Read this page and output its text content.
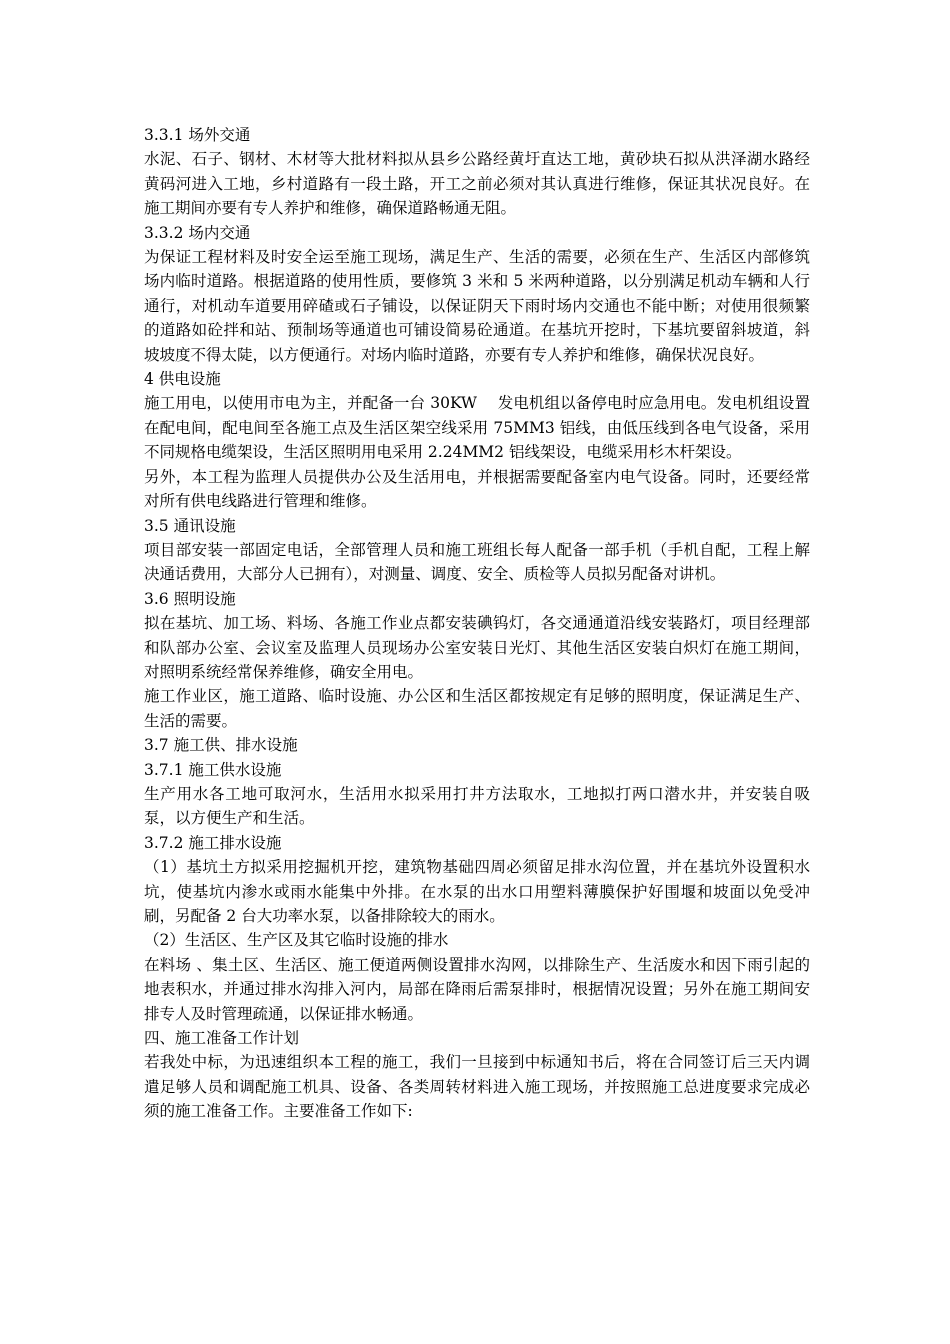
3.3.1 场外交通

水泥、石子、钢材、木材等大批材料拟从县乡公路经黄圩直达工地，黄砂块石拟从洪泽湖水路经黄码河进入工地，乡村道路有一段土路，开工之前必须对其认真进行维修，保证其状况良好。在施工期间亦要有专人养护和维修，确保道路畅通无阻。

3.3.2 场内交通

为保证工程材料及时安全运至施工现场，满足生产、生活的需要，必须在生产、生活区内部修筑场内临时道路。根据道路的使用性质，要修筑 3 米和 5 米两种道路，以分别满足机动车辆和人行通行，对机动车道要用碎碴或石子铺设，以保证阴天下雨时场内交通也不能中断；对使用很频繁的道路如砼拌和站、预制场等通道也可铺设简易砼通道。在基坑开挖时，下基坑要留斜坡道，斜坡坡度不得太陡，以方便通行。对场内临时道路，亦要有专人养护和维修，确保状况良好。

4 供电设施

施工用电，以使用市电为主，并配备一台 30KW　 发电机组以备停电时应急用电。发电机组设置在配电间，配电间至各施工点及生活区架空线采用 75MM3 铝线，由低压线到各电气设备，采用不同规格电缆架设，生活区照明用电采用 2.24MM2 铝线架设，电缆采用杉木杆架设。

另外，本工程为监理人员提供办公及生活用电，并根据需要配备室内电气设备。同时，还要经常对所有供电线路进行管理和维修。

3.5 通讯设施

项目部安装一部固定电话，全部管理人员和施工班组长每人配备一部手机（手机自配，工程上解决通话费用，大部分人已拥有），对测量、调度、安全、质检等人员拟另配备对讲机。

3.6 照明设施

拟在基坑、加工场、料场、各施工作业点都安装碘钨灯，各交通通道沿线安装路灯，项目经理部和队部办公室、会议室及监理人员现场办公室安装日光灯、其他生活区安装白炽灯在施工期间，对照明系统经常保养维修，确安全用电。

施工作业区，施工道路、临时设施、办公区和生活区都按规定有足够的照明度，保证满足生产、生活的需要。

3.7 施工供、排水设施

3.7.1 施工供水设施

生产用水各工地可取河水，生活用水拟采用打井方法取水，工地拟打两口潜水井，并安装自吸泵，以方便生产和生活。

3.7.2 施工排水设施

（1）基坑土方拟采用挖掘机开挖，建筑物基础四周必须留足排水沟位置，并在基坑外设置积水坑，使基坑内渗水或雨水能集中外排。在水泵的出水口用塑料薄膜保护好围堰和坡面以免受冲刷，另配备 2 台大功率水泵，以备排除较大的雨水。

（2）生活区、生产区及其它临时设施的排水

在料场 、集土区、生活区、施工便道两侧设置排水沟网，以排除生产、生活废水和因下雨引起的地表积水，并通过排水沟排入河内，局部在降雨后需泵排时，根据情况设置；另外在施工期间安排专人及时管理疏通，以保证排水畅通。

四、施工准备工作计划

若我处中标，为迅速组织本工程的施工，我们一旦接到中标通知书后，将在合同签订后三天内调遣足够人员和调配施工机具、设备、各类周转材料进入施工现场，并按照施工总进度要求完成必须的施工准备工作。主要准备工作如下:
